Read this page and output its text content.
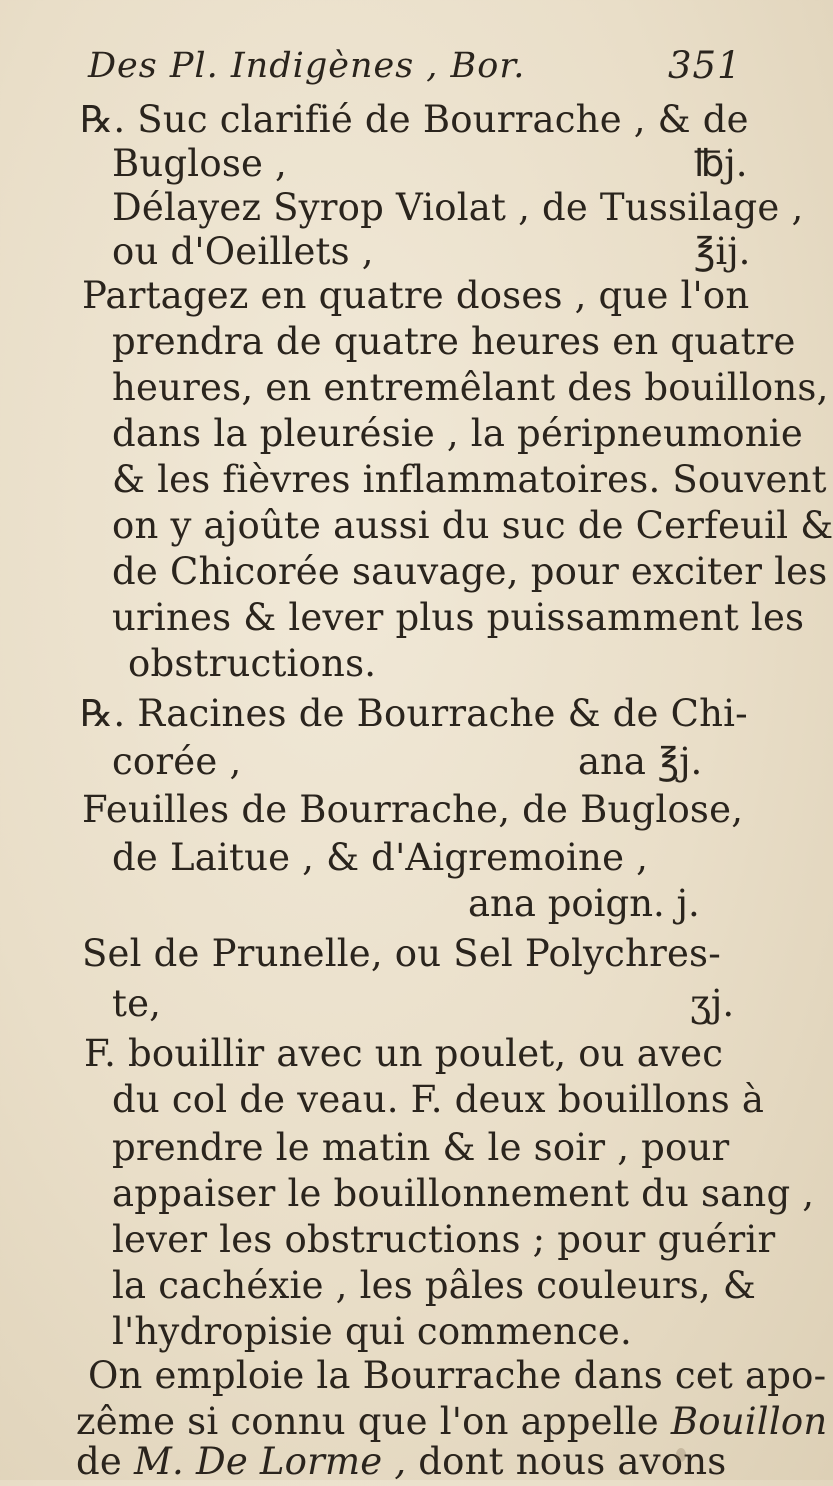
Des Pl. Indigènes , Bor.	351
℞. Suc clarifié de Bourrache , & de
Buglose ,	℔j.
Délayez Syrop Violat , de Tussilage ,
ou d'Oeillets ,	℥ij.
Partagez en quatre doses , que l'on
prendra de quatre heures en quatre
heures, en entremêlant des bouillons,
dans la pleurésie , la péripneumonie
& les fièvres inflammatoires. Souvent
on y ajoûte aussi du suc de Cerfeuil &
de Chicorée sauvage, pour exciter les
urines & lever plus puissamment les
obstructions.
℞. Racines de Bourrache & de Chi-
corée ,	ana ℥j.
Feuilles de Bourrache, de Buglose,
de Laitue , & d'Aigremoine ,
ana poign. j.
Sel de Prunelle, ou Sel Polychres-
te,	ʒj.
F. bouillir avec un poulet, ou avec
du col de veau. F. deux bouillons à
prendre le matin & le soir , pour
appaiser le bouillonnement du sang ,
lever les obstructions ; pour guérir
la cachéxie , les pâles couleurs, &
l'hydropisie qui commence.
On emploie la Bourrache dans cet apo-
zême si connu que l'on appelle Bouillon
de M. De Lorme , dont nous avons
